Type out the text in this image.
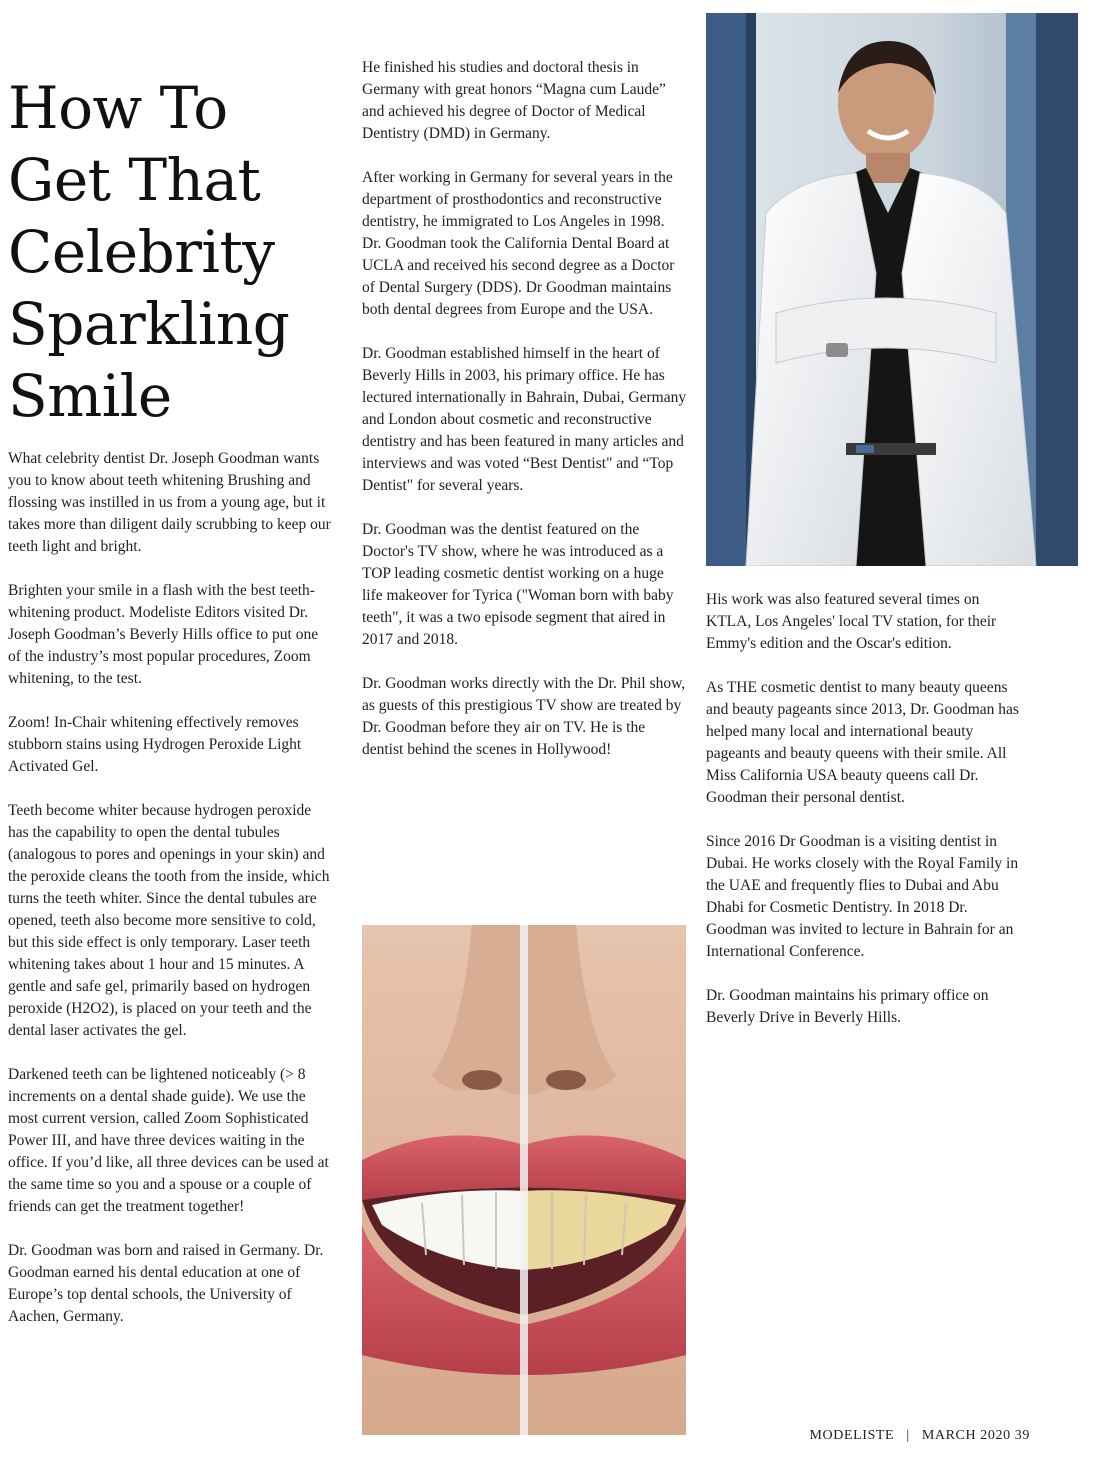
How To
Get That
Celebrity
Sparkling
Smile

What celebrity dentist Dr. Joseph Goodman wants you to know about teeth whitening Brushing and flossing was instilled in us from a young age, but it takes more than diligent daily scrubbing to keep our teeth light and bright.

Brighten your smile in a flash with the best teeth-whitening product. Modeliste Editors visited Dr. Joseph Goodman’s Beverly Hills office to put one of the industry’s most popular procedures, Zoom whitening, to the test.

Zoom! In-Chair whitening effectively removes stubborn stains using Hydrogen Peroxide Light Activated Gel.

Teeth become whiter because hydrogen peroxide has the capability to open the dental tubules (analogous to pores and openings in your skin) and the peroxide cleans the tooth from the inside, which turns the teeth whiter. Since the dental tubules are opened, teeth also become more sensitive to cold, but this side effect is only temporary. Laser teeth whitening takes about 1 hour and 15 minutes. A gentle and safe gel, primarily based on hydrogen peroxide (H2O2), is placed on your teeth and the dental laser activates the gel.

Darkened teeth can be lightened noticeably (> 8 increments on a dental shade guide). We use the most current version, called Zoom Sophisticated Power III, and have three devices waiting in the office. If you’d like, all three devices can be used at the same time so you and a spouse or a couple of friends can get the treatment together!

Dr. Goodman was born and raised in Germany. Dr. Goodman earned his dental education at one of Europe’s top dental schools, the University of Aachen, Germany.

He finished his studies and doctoral thesis in Germany with great honors “Magna cum Laude” and achieved his degree of Doctor of Medical Dentistry (DMD) in Germany.

After working in Germany for several years in the department of prosthodontics and reconstructive dentistry, he immigrated to Los Angeles in 1998. Dr. Goodman took the California Dental Board at UCLA and received his second degree as a Doctor of Dental Surgery (DDS). Dr Goodman maintains both dental degrees from Europe and the USA.

Dr. Goodman established himself in the heart of Beverly Hills in 2003, his primary office. He has lectured internationally in Bahrain, Dubai, Germany and London about cosmetic and reconstructive dentistry and has been featured in many articles and interviews and was voted “Best Dentist" and “Top Dentist" for several years.

Dr. Goodman was the dentist featured on the Doctor's TV show, where he was introduced as a TOP leading cosmetic dentist working on a huge life makeover for Tyrica ("Woman born with baby teeth", it was a two episode segment that aired in 2017 and 2018.

Dr. Goodman works directly with the Dr. Phil show, as guests of this prestigious TV show are treated by Dr. Goodman before they air on TV. He is the dentist behind the scenes in Hollywood!

His work was also featured several times on KTLA, Los Angeles' local TV station, for their Emmy's edition and the Oscar's edition.

As THE cosmetic dentist to many beauty queens and beauty pageants since 2013, Dr. Goodman has helped many local and international beauty pageants and beauty queens with their smile. All Miss California USA beauty queens call Dr. Goodman their personal dentist.

Since 2016 Dr Goodman is a visiting dentist in Dubai. He works closely with the Royal Family in the UAE and frequently flies to Dubai and Abu Dhabi for Cosmetic Dentistry. In 2018 Dr. Goodman was invited to lecture in Bahrain for an International Conference.

Dr. Goodman maintains his primary office on Beverly Drive in Beverly Hills.

MODELISTE | MARCH 2020 39
